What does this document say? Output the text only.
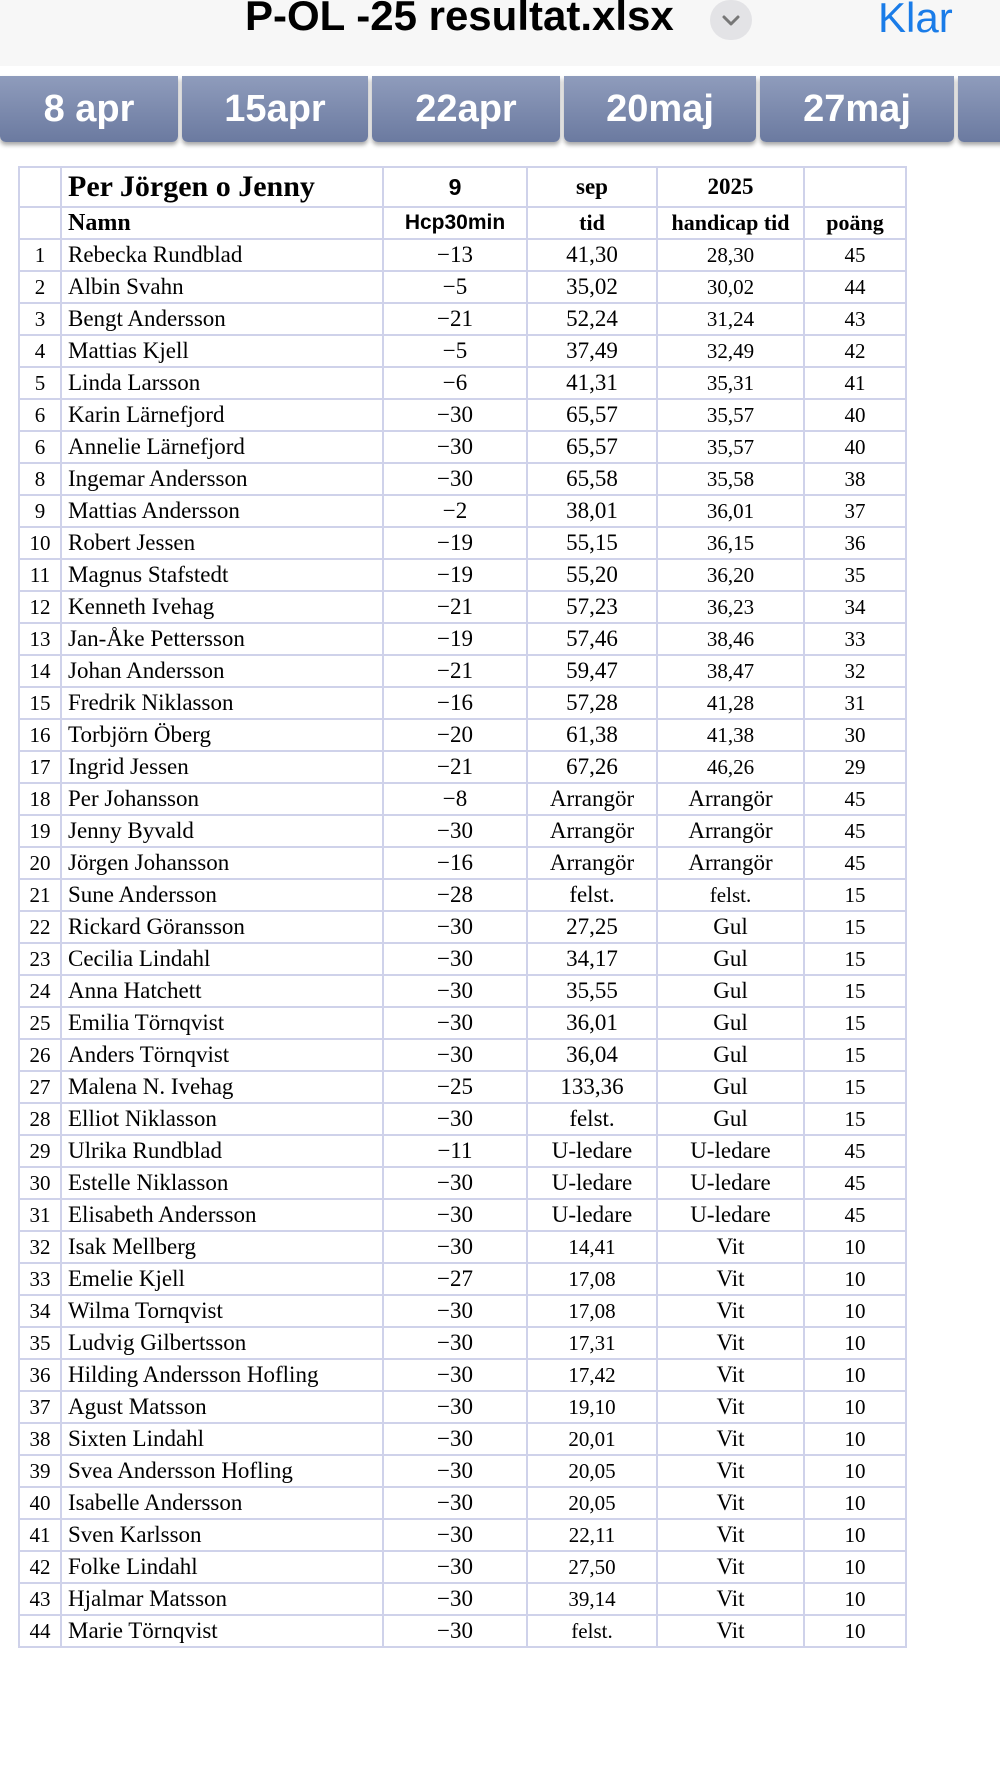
P-OL -25 resultat.xlsx	Klar
8 apr	15apr	22apr	20maj	27maj
	Per Jörgen o Jenny	9	sep	2025	
	Namn	Hcp30min	tid	handicap tid	poäng
1	Rebecka Rundblad	−13	41,30	28,30	45
2	Albin Svahn	−5	35,02	30,02	44
3	Bengt Andersson	−21	52,24	31,24	43
4	Mattias Kjell	−5	37,49	32,49	42
5	Linda Larsson	−6	41,31	35,31	41
6	Karin Lärnefjord	−30	65,57	35,57	40
6	Annelie Lärnefjord	−30	65,57	35,57	40
8	Ingemar Andersson	−30	65,58	35,58	38
9	Mattias Andersson	−2	38,01	36,01	37
10	Robert Jessen	−19	55,15	36,15	36
11	Magnus Stafstedt	−19	55,20	36,20	35
12	Kenneth Ivehag	−21	57,23	36,23	34
13	Jan-Åke Pettersson	−19	57,46	38,46	33
14	Johan Andersson	−21	59,47	38,47	32
15	Fredrik Niklasson	−16	57,28	41,28	31
16	Torbjörn Öberg	−20	61,38	41,38	30
17	Ingrid Jessen	−21	67,26	46,26	29
18	Per Johansson	−8	Arrangör	Arrangör	45
19	Jenny Byvald	−30	Arrangör	Arrangör	45
20	Jörgen Johansson	−16	Arrangör	Arrangör	45
21	Sune Andersson	−28	felst.	felst.	15
22	Rickard Göransson	−30	27,25	Gul	15
23	Cecilia Lindahl	−30	34,17	Gul	15
24	Anna Hatchett	−30	35,55	Gul	15
25	Emilia Törnqvist	−30	36,01	Gul	15
26	Anders Törnqvist	−30	36,04	Gul	15
27	Malena N. Ivehag	−25	133,36	Gul	15
28	Elliot Niklasson	−30	felst.	Gul	15
29	Ulrika Rundblad	−11	U-ledare	U-ledare	45
30	Estelle Niklasson	−30	U-ledare	U-ledare	45
31	Elisabeth Andersson	−30	U-ledare	U-ledare	45
32	Isak Mellberg	−30	14,41	Vit	10
33	Emelie Kjell	−27	17,08	Vit	10
34	Wilma Tornqvist	−30	17,08	Vit	10
35	Ludvig Gilbertsson	−30	17,31	Vit	10
36	Hilding Andersson Hofling	−30	17,42	Vit	10
37	Agust Matsson	−30	19,10	Vit	10
38	Sixten Lindahl	−30	20,01	Vit	10
39	Svea Andersson Hofling	−30	20,05	Vit	10
40	Isabelle Andersson	−30	20,05	Vit	10
41	Sven Karlsson	−30	22,11	Vit	10
42	Folke Lindahl	−30	27,50	Vit	10
43	Hjalmar Matsson	−30	39,14	Vit	10
44	Marie Törnqvist	−30	felst.	Vit	10
